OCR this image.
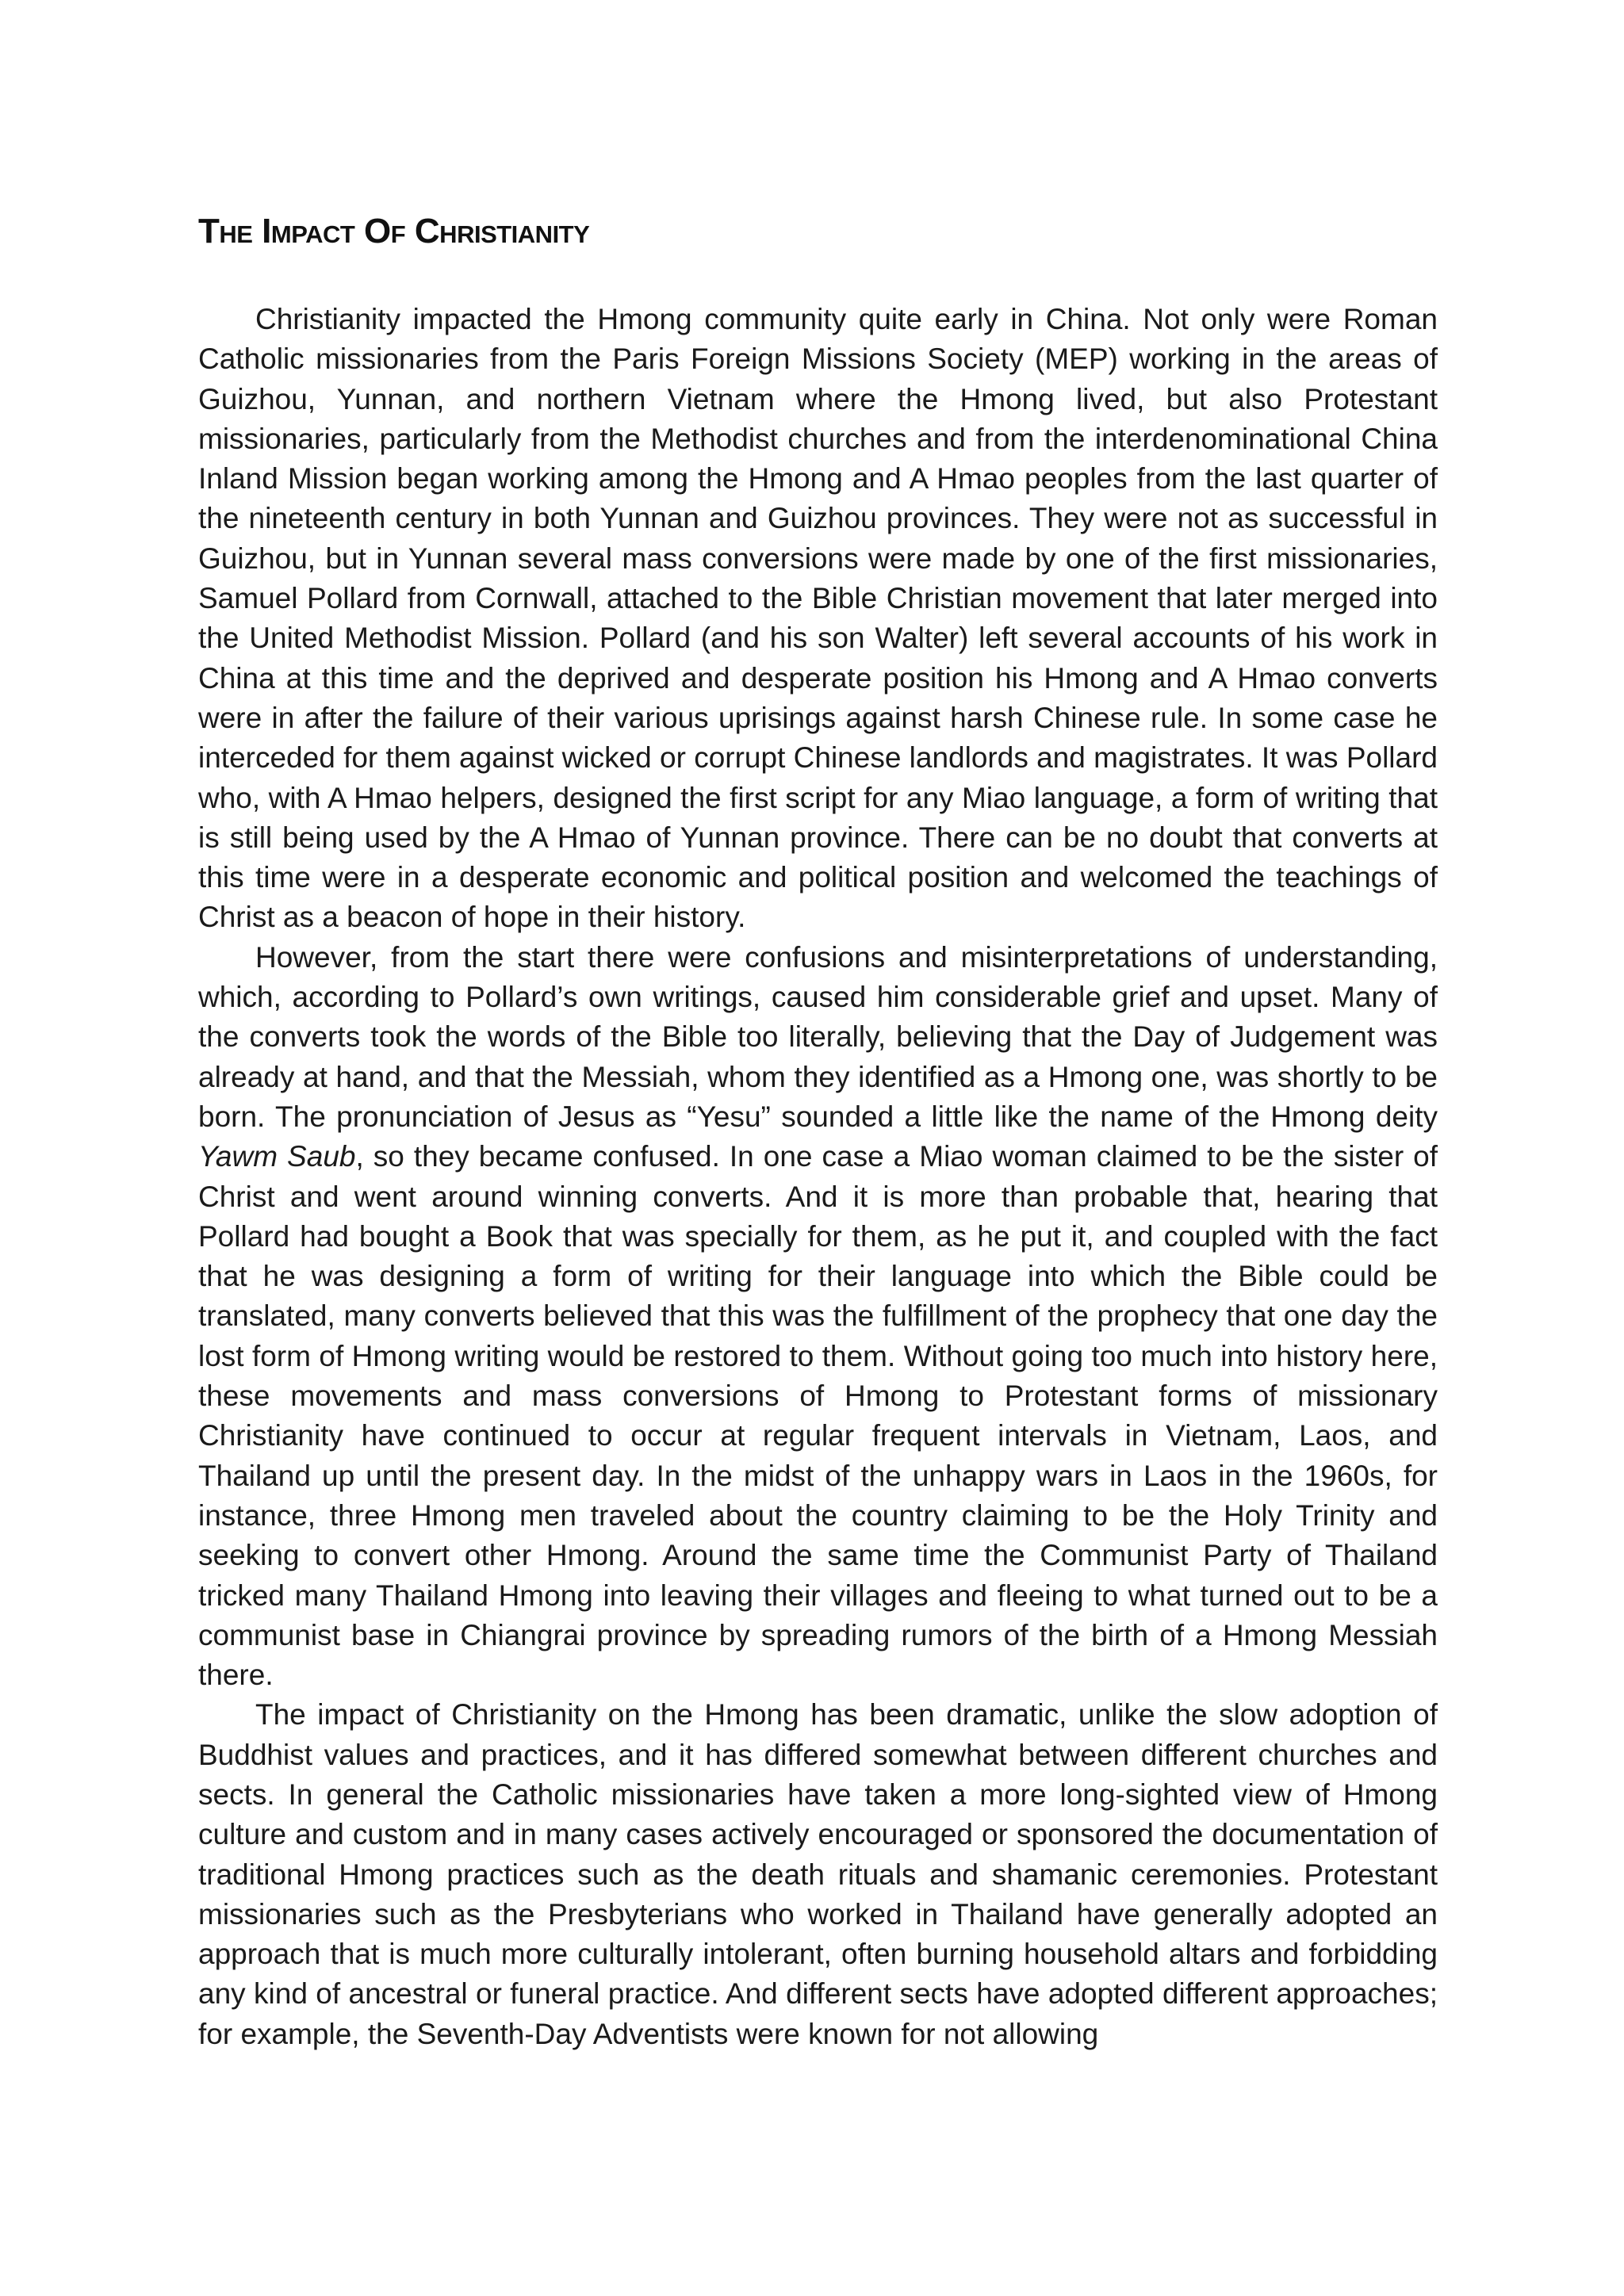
The Impact Of Christianity

Christianity impacted the Hmong community quite early in China. Not only were Roman Catholic missionaries from the Paris Foreign Missions Society (MEP) working in the areas of Guizhou, Yunnan, and northern Vietnam where the Hmong lived, but also Protestant missionaries, particularly from the Methodist churches and from the interdenominational China Inland Mission began working among the Hmong and A Hmao peoples from the last quarter of the nineteenth century in both Yunnan and Guizhou provinces. They were not as successful in Guizhou, but in Yunnan several mass conversions were made by one of the first missionaries, Samuel Pollard from Cornwall, attached to the Bible Christian movement that later merged into the United Methodist Mission. Pollard (and his son Walter) left several accounts of his work in China at this time and the deprived and desperate position his Hmong and A Hmao converts were in after the failure of their various uprisings against harsh Chinese rule. In some case he interceded for them against wicked or corrupt Chinese landlords and magistrates. It was Pollard who, with A Hmao helpers, designed the first script for any Miao language, a form of writing that is still being used by the A Hmao of Yunnan province. There can be no doubt that converts at this time were in a desperate economic and political position and welcomed the teachings of Christ as a beacon of hope in their history.

However, from the start there were confusions and misinterpretations of understanding, which, according to Pollard’s own writings, caused him considerable grief and upset. Many of the converts took the words of the Bible too literally, believing that the Day of Judgement was already at hand, and that the Messiah, whom they identified as a Hmong one, was shortly to be born. The pronunciation of Jesus as “Yesu” sounded a little like the name of the Hmong deity Yawm Saub, so they became confused. In one case a Miao woman claimed to be the sister of Christ and went around winning converts. And it is more than probable that, hearing that Pollard had bought a Book that was specially for them, as he put it, and coupled with the fact that he was designing a form of writing for their language into which the Bible could be translated, many converts believed that this was the fulfillment of the prophecy that one day the lost form of Hmong writing would be restored to them. Without going too much into history here, these movements and mass conversions of Hmong to Protestant forms of missionary Christianity have continued to occur at regular frequent intervals in Vietnam, Laos, and Thailand up until the present day. In the midst of the unhappy wars in Laos in the 1960s, for instance, three Hmong men traveled about the country claiming to be the Holy Trinity and seeking to convert other Hmong. Around the same time the Communist Party of Thailand tricked many Thailand Hmong into leaving their villages and fleeing to what turned out to be a communist base in Chiangrai province by spreading rumors of the birth of a Hmong Messiah there.

The impact of Christianity on the Hmong has been dramatic, unlike the slow adoption of Buddhist values and practices, and it has differed somewhat between different churches and sects. In general the Catholic missionaries have taken a more long-sighted view of Hmong culture and custom and in many cases actively encouraged or sponsored the documentation of traditional Hmong practices such as the death rituals and shamanic ceremonies. Protestant missionaries such as the Presbyterians who worked in Thailand have generally adopted an approach that is much more culturally intolerant, often burning household altars and forbidding any kind of ancestral or funeral practice. And different sects have adopted different approaches; for example, the Seventh-Day Adventists were known for not allowing
